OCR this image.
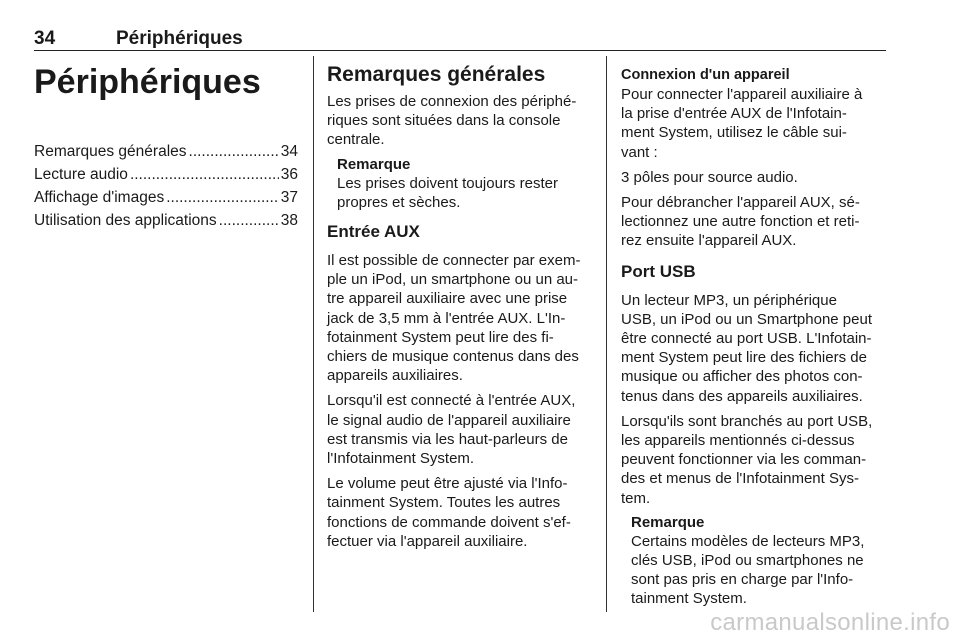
34	Périphériques
Périphériques
Remarques générales .....	34
Lecture audio .....	36
Affichage d'images .....	37
Utilisation des applications .....	38
Remarques générales

Les prises de connexion des périphé-

riques sont situées dans la console

centrale.

Remarque

Les prises doivent toujours rester

propres et sèches.

Entrée AUX

Il est possible de connecter par exem-

ple un iPod, un smartphone ou un au-

tre appareil auxiliaire avec une prise

jack de 3,5 mm à l'entrée AUX. L'In-

fotainment System peut lire des fi-

chiers de musique contenus dans des

appareils auxiliaires.

Lorsqu'il est connecté à l'entrée AUX,

le signal audio de l'appareil auxiliaire

est transmis via les haut-parleurs de

l'Infotainment System.

Le volume peut être ajusté via l'Info-

tainment System. Toutes les autres

fonctions de commande doivent s'ef-

fectuer via l'appareil auxiliaire.

Connexion d'un appareil

Pour connecter l'appareil auxiliaire à

la prise d'entrée AUX de l'Infotain-

ment System, utilisez le câble sui-

vant :

3 pôles pour source audio.

Pour débrancher l'appareil AUX, sé-

lectionnez une autre fonction et reti-

rez ensuite l'appareil AUX.

Port USB

Un lecteur MP3, un périphérique

USB, un iPod ou un Smartphone peut

être connecté au port USB. L'Infotain-

ment System peut lire des fichiers de

musique ou afficher des photos con-

tenus dans des appareils auxiliaires.

Lorsqu'ils sont branchés au port USB,

les appareils mentionnés ci-dessus

peuvent fonctionner via les comman-

des et menus de l'Infotainment Sys-

tem.

Remarque

Certains modèles de lecteurs MP3,

clés USB, iPod ou smartphones ne

sont pas pris en charge par l'Info-

tainment System.

carmanualsonline.info
